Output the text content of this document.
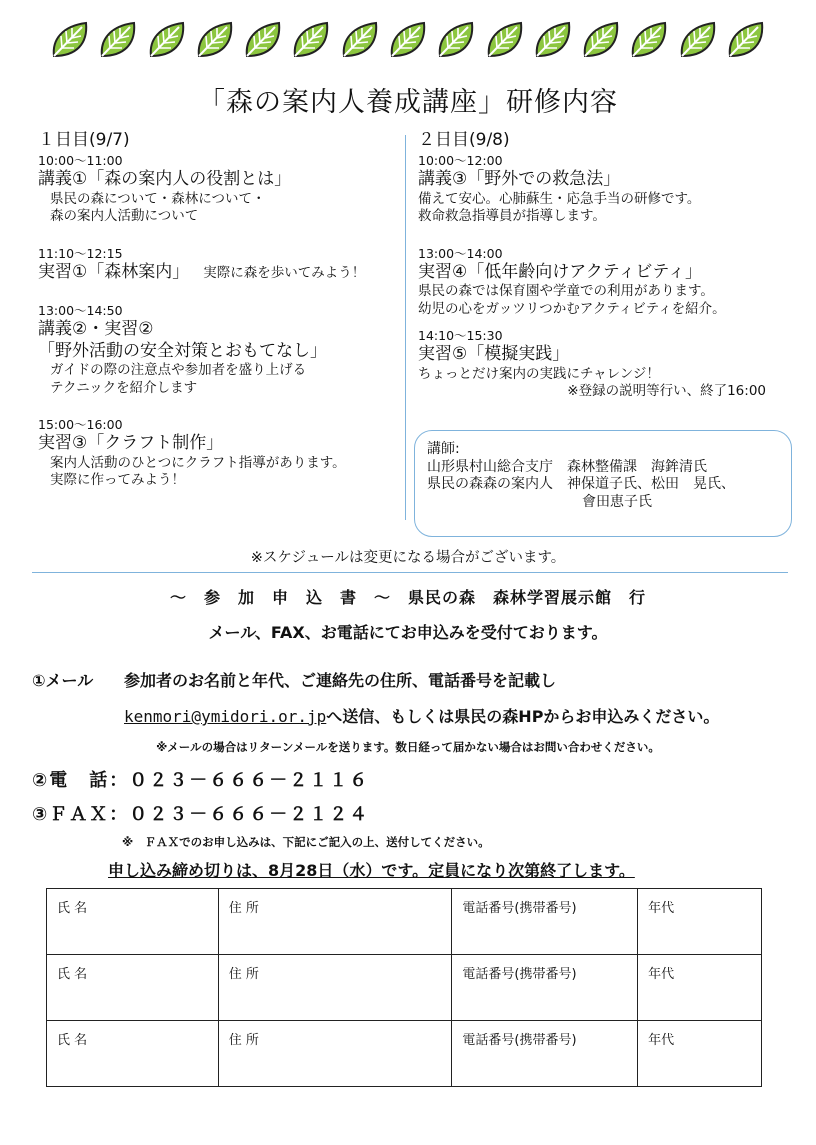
「森の案内人養成講座」研修内容
１日目(9/7)
10:00〜11:00
講義①「森の案内人の役割とは」
県民の森について・森林について・
森の案内人活動について
11:10〜12:15
実習①「森林案内」 実際に森を歩いてみよう！
13:00〜14:50
講義②・実習②
「野外活動の安全対策とおもてなし」
ガイドの際の注意点や参加者を盛り上げる
テクニックを紹介します
15:00〜16:00
実習③「クラフト制作」
案内人活動のひとつにクラフト指導があります。
実際に作ってみよう！
２日目(9/8)
10:00〜12:00
講義③「野外での救急法」
備えて安心。心肺蘇生・応急手当の研修です。
救命救急指導員が指導します。
13:00〜14:00
実習④「低年齢向けアクティビティ」
県民の森では保育園や学童での利用があります。
幼児の心をガッツリつかむアクティビティを紹介。
14:10〜15:30
実習⑤「模擬実践」
ちょっとだけ案内の実践にチャレンジ！
※登録の説明等行い、終了16:00
講師:
山形県村山総合支庁　森林整備課　海鉾清氏
県民の森森の案内人　神保道子氏、松田　晃氏、
會田恵子氏
※スケジュールは変更になる場合がございます。
〜　参　加　申　込　書　〜　県民の森　森林学習展示館　行
メール、FAX、お電話にてお申込みを受付ております。
①メール 参加者のお名前と年代、ご連絡先の住所、電話番号を記載し
kenmori@ymidori.or.jpへ送信、もしくは県民の森HPからお申込みください。
※メールの場合はリターンメールを送ります。数日経って届かない場合はお問い合わせください。
②電　話：０２３－６６６－２１１６
③ＦＡＸ：０２３－６６６－２１２４
※　ＦＡＸでのお申し込みは、下記にご記入の上、送付してください。
申し込み締め切りは、8月28日（水）です。定員になり次第終了します。
氏 名	住 所	電話番号(携帯番号)	年代
氏 名	住 所	電話番号(携帯番号)	年代
氏 名	住 所	電話番号(携帯番号)	年代
